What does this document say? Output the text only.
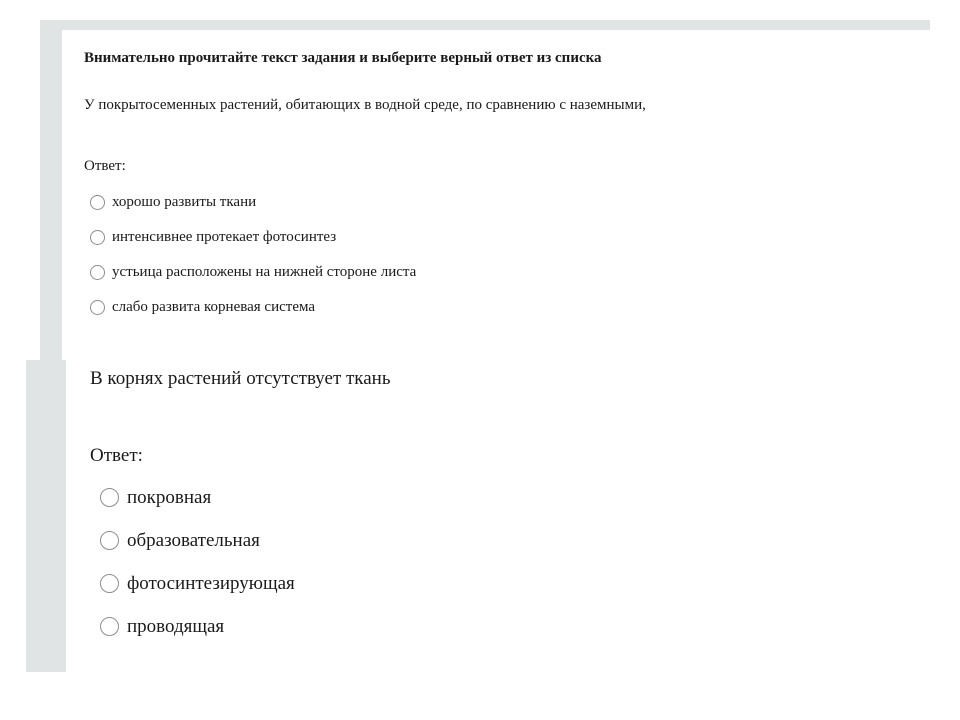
Внимательно прочитайте текст задания и выберите верный ответ из списка
У покрытосеменных растений, обитающих в водной среде, по сравнению с наземными,
Ответ:
хорошо развиты ткани
интенсивнее протекает фотосинтез
устьица расположены на нижней стороне листа
слабо развита корневая система
В корнях растений отсутствует ткань
Ответ:
покровная
образовательная
фотосинтезирующая
проводящая
